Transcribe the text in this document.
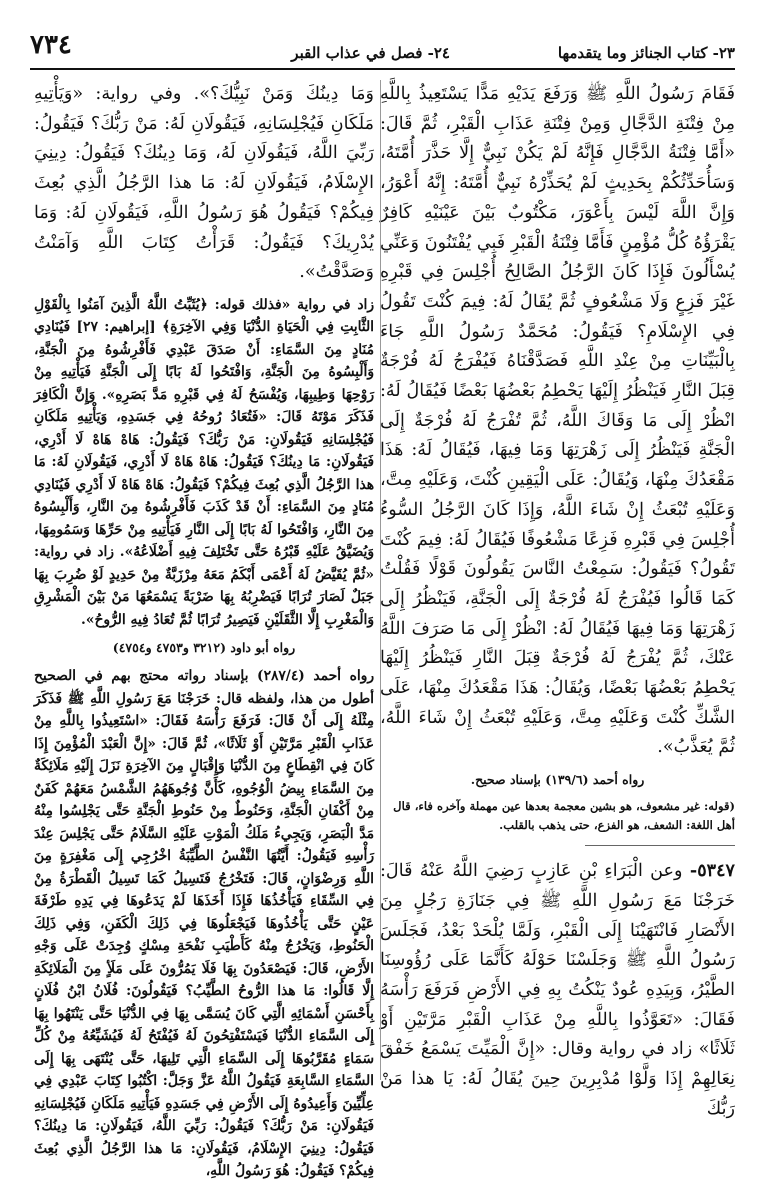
٢٣- كتاب الجنائز وما يتقدمها
٢٤- فصل في عذاب القبر
٧٣٤

فَقَامَ رَسُولُ اللَّهِ ﷺ وَرَفَعَ يَدَيْهِ مَدًّا يَسْتَعِيذُ بِاللَّهِ مِنْ فِتْنَةِ الدَّجَّالِ وَمِنْ فِتْنَةِ عَذَابِ الْقَبْرِ، ثُمَّ قَالَ: «أَمَّا فِتْنَةُ الدَّجَّالِ فَإِنَّهُ لَمْ يَكُنْ نَبِيٌّ إِلَّا حَذَّرَ أُمَّتَهُ، وَسَأُحَدِّثُكُمْ بِحَدِيثٍ لَمْ يُحَذِّرْهُ نَبِيٌّ أُمَّتَهُ: إِنَّهُ أَعْوَرُ، وَإِنَّ اللَّهَ لَيْسَ بِأَعْوَرَ، مَكْتُوبٌ بَيْنَ عَيْنَيْهِ كَافِرٌ يَقْرَؤُهُ كُلُّ مُؤْمِنٍ فَأَمَّا فِتْنَةُ الْقَبْرِ فَبِي يُفْتَنُونَ وَعَنِّي يُسْأَلُونَ فَإِذَا كَانَ الرَّجُلُ الصَّالِحُ أُجْلِسَ فِي قَبْرِهِ غَيْرَ فَزِعٍ وَلَا مَشْعُوفٍ ثُمَّ يُقَالُ لَهُ: فِيمَ كُنْتَ تَقُولُ فِي الإِسْلَامِ؟ فَيَقُولُ: مُحَمَّدٌ رَسُولُ اللَّهِ جَاءَ بِالْبَيِّنَاتِ مِنْ عِنْدِ اللَّهِ فَصَدَّقْنَاهُ فَيُفْرَجُ لَهُ فُرْجَةٌ قِبَلَ النَّارِ فَيَنْظُرُ إِلَيْهَا يَحْطِمُ بَعْضُهَا بَعْضًا فَيُقَالُ لَهُ: انْظُرْ إِلَى مَا وَقَاكَ اللَّهُ، ثُمَّ تُفْرَجُ لَهُ فُرْجَةٌ إِلَى الْجَنَّةِ فَيَنْظُرُ إِلَى زَهْرَتِهَا وَمَا فِيهَا، فَيُقَالُ لَهُ: هَذَا مَقْعَدُكَ مِنْهَا، وَيُقَالُ: عَلَى الْيَقِينِ كُنْتَ، وَعَلَيْهِ مِتَّ، وَعَلَيْهِ تُبْعَثُ إِنْ شَاءَ اللَّهُ، وَإِذَا كَانَ الرَّجُلُ السُّوءُ أُجْلِسَ فِي قَبْرِهِ فَزِعًا مَشْعُوفًا فَيُقَالُ لَهُ: فِيمَ كُنْتَ تَقُولُ؟ فَيَقُولُ: سَمِعْتُ النَّاسَ يَقُولُونَ قَوْلًا فَقُلْتُ كَمَا قَالُوا فَيُفْرَجُ لَهُ فُرْجَةٌ إِلَى الْجَنَّةِ، فَيَنْظُرُ إِلَى زَهْرَتِهَا وَمَا فِيهَا فَيُقَالُ لَهُ: انْظُرْ إِلَى مَا صَرَفَ اللَّهُ عَنْكَ، ثُمَّ يُفْرَجُ لَهُ فُرْجَةٌ قِبَلَ النَّارِ فَيَنْظُرُ إِلَيْهَا يَحْطِمُ بَعْضُهَا بَعْضًا، وَيُقَالُ: هَذَا مَقْعَدُكَ مِنْهَا، عَلَى الشَّكِّ كُنْتَ وَعَلَيْهِ مِتَّ، وَعَلَيْهِ تُبْعَثُ إِنْ شَاءَ اللَّهُ، ثُمَّ يُعَذَّبُ».

رواه أحمد (١٣٩/٦) بإسناد صحيح.

(قوله: غير مشعوف، هو بشين معجمة بعدها عين مهملة وآخره فاء، قال أهل اللغة: الشعف، هو الفزع، حتى يذهب بالقلب.

٥٣٤٧- وعن الْبَرَاءِ بْنِ عَازِبٍ رَضِيَ اللَّهُ عَنْهُ قَالَ: خَرَجْنَا مَعَ رَسُولِ اللَّهِ ﷺ فِي جَنَازَةِ رَجُلٍ مِنَ الأَنْصَارِ فَانْتَهَيْنَا إِلَى الْقَبْرِ، وَلَمَّا يُلْحَدْ بَعْدُ، فَجَلَسَ رَسُولُ اللَّهِ ﷺ وَجَلَسْنَا حَوْلَهُ كَأَنَّمَا عَلَى رُؤُوسِنَا الطَّيْرُ، وَبِيَدِهِ عُودٌ يَنْكُتُ بِهِ فِي الأَرْضِ فَرَفَعَ رَأْسَهُ فَقَالَ: «تَعَوَّذُوا بِاللَّهِ مِنْ عَذَابِ الْقَبْرِ مَرَّتَيْنِ أَوْ ثَلَاثًا» زاد في رواية وقال: «إِنَّ الْمَيِّتَ يَسْمَعُ خَفْقَ نِعَالِهِمْ إِذَا وَلَّوْا مُدْبِرِينَ حِينَ يُقَالُ لَهُ: يَا هذا مَنْ رَبُّكَ

وَمَا دِينُكَ وَمَنْ نَبِيُّكَ؟». وفي رواية: «وَيَأْتِيهِ مَلَكَانِ فَيُجْلِسَانِهِ، فَيَقُولَانِ لَهُ: مَنْ رَبُّكَ؟ فَيَقُولُ: رَبِّيَ اللَّهُ، فَيَقُولَانِ لَهُ، وَمَا دِينُكَ؟ فَيَقُولُ: دِينِيَ الإِسْلَامُ، فَيَقُولَانِ لَهُ: مَا هذا الرَّجُلُ الَّذِي بُعِثَ فِيكُمْ؟ فَيَقُولُ هُوَ رَسُولُ اللَّهِ، فَيَقُولَانِ لَهُ: وَمَا يُدْرِيكَ؟ فَيَقُولُ: قَرَأْتُ كِتَابَ اللَّهِ وَآمَنْتُ وَصَدَّقْتُ».

زاد في رواية «فذلك قوله: ﴿يُثَبِّتُ اللَّهُ الَّذِينَ آمَنُوا بِالْقَوْلِ الثَّابِتِ فِي الْحَيَاةِ الدُّنْيَا وَفِي الآخِرَةِ﴾ [إبراهيم: ٢٧] فَيُنَادِي مُنَادٍ مِنَ السَّمَاءِ: أَنْ صَدَقَ عَبْدِي فَأَفْرِشُوهُ مِنَ الْجَنَّةِ، وَأَلْبِسُوهُ مِنَ الْجَنَّةِ، وَافْتَحُوا لَهُ بَابًا إِلَى الْجَنَّةِ فَيَأْتِيهِ مِنْ رَوْحِهَا وَطِيبِهَا، وَيُفْسَحُ لَهُ فِي قَبْرِهِ مَدَّ بَصَرِهِ». وَإِنَّ الْكَافِرَ فَذَكَرَ مَوْتَهُ قَالَ: «فَتُعَادُ رُوحُهُ فِي جَسَدِهِ، وَيَأْتِيهِ مَلَكَانِ فَيُجْلِسَانِهِ فَيَقُولَانِ: مَنْ رَبُّكَ؟ فَيَقُولُ: هَاهْ هَاهْ لَا أَدْرِي، فَيَقُولَانِ: مَا دِينُكَ؟ فَيَقُولُ: هَاهْ هَاهْ لَا أَدْرِي، فَيَقُولَانِ لَهُ: مَا هذا الرَّجُلُ الَّذِي بُعِثَ فِيكُمْ؟ فَيَقُولُ: هَاهْ هَاهْ لَا أَدْرِي فَيُنَادِي مُنَادٍ مِنَ السَّمَاءِ: أَنْ قَدْ كَذَبَ فَأَفْرِشُوهُ مِنَ النَّارِ، وَأَلْبِسُوهُ مِنَ النَّارِ، وَافْتَحُوا لَهُ بَابًا إِلَى النَّارِ فَيَأْتِيهِ مِنْ حَرِّهَا وَسَمُومِهَا، وَيُضَيَّقُ عَلَيْهِ قَبْرُهُ حَتَّى تَخْتَلِفَ فِيهِ أَضْلَاعُهُ». زاد في رواية: «ثُمَّ يُقَيَّضُ لَهُ أَعْمَى أَبْكَمُ مَعَهُ مِرْزَبَّةٌ مِنْ حَدِيدٍ لَوْ ضُرِبَ بِهَا جَبَلٌ لَصَارَ تُرَابًا فَيَضْرِبُهُ بِهَا ضَرْبَةً يَسْمَعُهَا مَنْ بَيْنَ الْمَشْرِقِ وَالْمَغْرِبِ إِلَّا الثَّقَلَيْنِ فَيَصِيرُ تُرَابًا ثُمَّ تُعَادُ فِيهِ الرُّوحُ».

رواه أبو داود (٣٢١٢ و٤٧٥٣ و٤٧٥٤)

رواه أحمد (٢٨٧/٤) بإسناد رواته محتج بهم في الصحيح أطول من هذا، ولفظه قال: خَرَجْنَا مَعَ رَسُولِ اللَّهِ ﷺ فَذَكَرَ مِثْلَهُ إِلَى أَنْ قَالَ: فَرَفَعَ رَأْسَهُ فَقَالَ: «اسْتَعِيذُوا بِاللَّهِ مِنْ عَذَابِ الْقَبْرِ مَرَّتَيْنِ أَوْ ثَلَاثًا»، ثُمَّ قَالَ: «إِنَّ الْعَبْدَ الْمُؤْمِنَ إِذَا كَانَ فِي انْقِطَاعٍ مِنَ الدُّنْيَا وَإِقْبَالٍ مِنَ الآخِرَةِ نَزَلَ إِلَيْهِ مَلَائِكَةٌ مِنَ السَّمَاءِ بِيضُ الْوُجُوهِ، كَأَنَّ وُجُوهَهُمُ الشَّمْسُ مَعَهُمْ كَفَنٌ مِنْ أَكْفَانِ الْجَنَّةِ، وَحَنُوطٌ مِنْ حَنُوطِ الْجَنَّةِ حَتَّى يَجْلِسُوا مِنْهُ مَدَّ الْبَصَرِ، وَيَجِيءُ مَلَكُ الْمَوْتِ عَلَيْهِ السَّلَامُ حَتَّى يَجْلِسَ عِنْدَ رَأْسِهِ فَيَقُولُ: أَيَّتُهَا النَّفْسُ الطَّيِّبَةُ اخْرُجِي إِلَى مَغْفِرَةٍ مِنَ اللَّهِ وَرِضْوَانٍ، قَالَ: فَتَخْرُجُ فَتَسِيلُ كَمَا تَسِيلُ الْقَطْرَةُ مِنْ فِي السِّقَاءِ فَيَأْخُذُهَا فَإِذَا أَخَذَهَا لَمْ يَدَعُوهَا فِي يَدِهِ طَرْفَةَ عَيْنٍ حَتَّى يَأْخُذُوهَا فَيَجْعَلُوهَا فِي ذَلِكَ الْكَفَنِ، وَفِي ذَلِكَ الْحَنُوطِ، وَيَخْرُجُ مِنْهُ كَأَطْيَبِ نَفْحَةِ مِسْكٍ وُجِدَتْ عَلَى وَجْهِ الأَرْضِ، قَالَ: فَيَصْعَدُونَ بِهَا فَلَا يَمُرُّونَ عَلَى مَلَأٍ مِنَ الْمَلَائِكَةِ إِلَّا قَالُوا: مَا هذا الرُّوحُ الطَّيِّبُ؟ فَيَقُولُونَ: فُلَانُ ابْنُ فُلَانٍ بِأَحْسَنِ أَسْمَائِهِ الَّتِي كَانَ يُسَمَّى بِهَا فِي الدُّنْيَا حَتَّى يَنْتَهُوا بِهَا إِلَى السَّمَاءِ الدُّنْيَا فَيَسْتَفْتِحُونَ لَهُ فَيُفْتَحُ لَهُ فَيُشَيِّعُهُ مِنْ كُلِّ سَمَاءٍ مُقَرَّبُوهَا إِلَى السَّمَاءِ الَّتِي تَلِيهَا، حَتَّى يُنْتَهَى بِهَا إِلَى السَّمَاءِ السَّابِعَةِ فَيَقُولُ اللَّهُ عَزَّ وَجَلَّ: اكْتُبُوا كِتَابَ عَبْدِي فِي عِلِّيِّينَ وَأَعِيدُوهُ إِلَى الأَرْضِ فِي جَسَدِهِ فَيَأْتِيهِ مَلَكَانِ فَيُجْلِسَانِهِ فَيَقُولَانِ: مَنْ رَبُّكَ؟ فَيَقُولُ: رَبِّيَ اللَّهُ، فَيَقُولَانِ: مَا دِينُكَ؟ فَيَقُولُ: دِينِيَ الإِسْلَامُ، فَيَقُولَانِ: مَا هذا الرَّجُلُ الَّذِي بُعِثَ فِيكُمْ؟ فَيَقُولُ: هُوَ رَسُولُ اللَّهِ،
